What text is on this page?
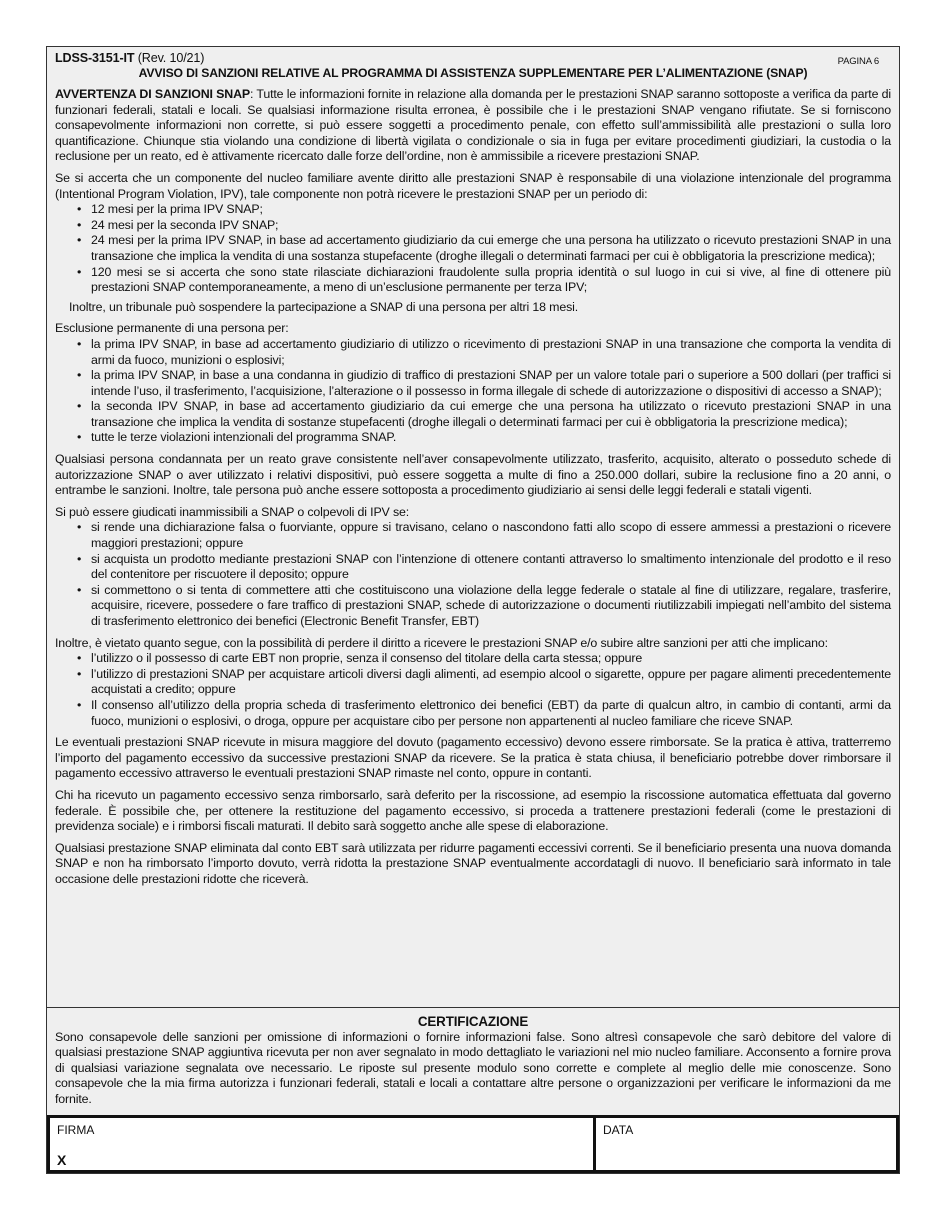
LDSS-3151-IT (Rev. 10/21)	PAGINA 6
AVVISO DI SANZIONI RELATIVE AL PROGRAMMA DI ASSISTENZA SUPPLEMENTARE PER L’ALIMENTAZIONE (SNAP)

AVVERTENZA DI SANZIONI SNAP: Tutte le informazioni fornite in relazione alla domanda per le prestazioni SNAP saranno sottoposte a verifica da parte di funzionari federali, statali e locali. Se qualsiasi informazione risulta erronea, è possibile che i le prestazioni SNAP vengano rifiutate. Se si forniscono consapevolmente informazioni non corrette, si può essere soggetti a procedimento penale, con effetto sull’ammissibilità alle prestazioni o sulla loro quantificazione. Chiunque stia violando una condizione di libertà vigilata o condizionale o sia in fuga per evitare procedimenti giudiziari, la custodia o la reclusione per un reato, ed è attivamente ricercato dalle forze dell’ordine, non è ammissibile a ricevere prestazioni SNAP.

Se si accerta che un componente del nucleo familiare avente diritto alle prestazioni SNAP è responsabile di una violazione intenzionale del programma (Intentional Program Violation, IPV), tale componente non potrà ricevere le prestazioni SNAP per un periodo di:

• 12 mesi per la prima IPV SNAP;
• 24 mesi per la seconda IPV SNAP;
• 24 mesi per la prima IPV SNAP, in base ad accertamento giudiziario da cui emerge che una persona ha utilizzato o ricevuto prestazioni SNAP in una transazione che implica la vendita di una sostanza stupefacente (droghe illegali o determinati farmaci per cui è obbligatoria la prescrizione medica);
• 120 mesi se si accerta che sono state rilasciate dichiarazioni fraudolente sulla propria identità o sul luogo in cui si vive, al fine di ottenere più prestazioni SNAP contemporaneamente, a meno di un’esclusione permanente per terza IPV;

Inoltre, un tribunale può sospendere la partecipazione a SNAP di una persona per altri 18 mesi.

Esclusione permanente di una persona per:

• la prima IPV SNAP, in base ad accertamento giudiziario di utilizzo o ricevimento di prestazioni SNAP in una transazione che comporta la vendita di armi da fuoco, munizioni o esplosivi;
• la prima IPV SNAP, in base a una condanna in giudizio di traffico di prestazioni SNAP per un valore totale pari o superiore a 500 dollari (per traffici si intende l’uso, il trasferimento, l’acquisizione, l’alterazione o il possesso in forma illegale di schede di autorizzazione o dispositivi di accesso a SNAP);
• la seconda IPV SNAP, in base ad accertamento giudiziario da cui emerge che una persona ha utilizzato o ricevuto prestazioni SNAP in una transazione che implica la vendita di sostanze stupefacenti (droghe illegali o determinati farmaci per cui è obbligatoria la prescrizione medica);
• tutte le terze violazioni intenzionali del programma SNAP.

Qualsiasi persona condannata per un reato grave consistente nell’aver consapevolmente utilizzato, trasferito, acquisito, alterato o posseduto schede di autorizzazione SNAP o aver utilizzato i relativi dispositivi, può essere soggetta a multe di fino a 250.000 dollari, subire la reclusione fino a 20 anni, o entrambe le sanzioni. Inoltre, tale persona può anche essere sottoposta a procedimento giudiziario ai sensi delle leggi federali e statali vigenti.

Si può essere giudicati inammissibili a SNAP o colpevoli di IPV se:

• si rende una dichiarazione falsa o fuorviante, oppure si travisano, celano o nascondono fatti allo scopo di essere ammessi a prestazioni o ricevere maggiori prestazioni; oppure
• si acquista un prodotto mediante prestazioni SNAP con l’intenzione di ottenere contanti attraverso lo smaltimento intenzionale del prodotto e il reso del contenitore per riscuotere il deposito; oppure
• si commettono o si tenta di commettere atti che costituiscono una violazione della legge federale o statale al fine di utilizzare, regalare, trasferire, acquisire, ricevere, possedere o fare traffico di prestazioni SNAP, schede di autorizzazione o documenti riutilizzabili impiegati nell’ambito del sistema di trasferimento elettronico dei benefici (Electronic Benefit Transfer, EBT)

Inoltre, è vietato quanto segue, con la possibilità di perdere il diritto a ricevere le prestazioni SNAP e/o subire altre sanzioni per atti che implicano:

• l’utilizzo o il possesso di carte EBT non proprie, senza il consenso del titolare della carta stessa; oppure
• l’utilizzo di prestazioni SNAP per acquistare articoli diversi dagli alimenti, ad esempio alcool o sigarette, oppure per pagare alimenti precedentemente acquistati a credito; oppure
• Il consenso all’utilizzo della propria scheda di trasferimento elettronico dei benefici (EBT) da parte di qualcun altro, in cambio di contanti, armi da fuoco, munizioni o esplosivi, o droga, oppure per acquistare cibo per persone non appartenenti al nucleo familiare che riceve SNAP.

Le eventuali prestazioni SNAP ricevute in misura maggiore del dovuto (pagamento eccessivo) devono essere rimborsate. Se la pratica è attiva, tratterremo l’importo del pagamento eccessivo da successive prestazioni SNAP da ricevere. Se la pratica è stata chiusa, il beneficiario potrebbe dover rimborsare il pagamento eccessivo attraverso le eventuali prestazioni SNAP rimaste nel conto, oppure in contanti.

Chi ha ricevuto un pagamento eccessivo senza rimborsarlo, sarà deferito per la riscossione, ad esempio la riscossione automatica effettuata dal governo federale. È possibile che, per ottenere la restituzione del pagamento eccessivo, si proceda a trattenere prestazioni federali (come le prestazioni di previdenza sociale) e i rimborsi fiscali maturati. Il debito sarà soggetto anche alle spese di elaborazione.

Qualsiasi prestazione SNAP eliminata dal conto EBT sarà utilizzata per ridurre pagamenti eccessivi correnti. Se il beneficiario presenta una nuova domanda SNAP e non ha rimborsato l’importo dovuto, verrà ridotta la prestazione SNAP eventualmente accordatagli di nuovo. Il beneficiario sarà informato in tale occasione delle prestazioni ridotte che riceverà.

CERTIFICAZIONE

Sono consapevole delle sanzioni per omissione di informazioni o fornire informazioni false. Sono altresì consapevole che sarò debitore del valore di qualsiasi prestazione SNAP aggiuntiva ricevuta per non aver segnalato in modo dettagliato le variazioni nel mio nucleo familiare. Acconsento a fornire prova di qualsiasi variazione segnalata ove necessario. Le riposte sul presente modulo sono corrette e complete al meglio delle mie conoscenze. Sono consapevole che la mia firma autorizza i funzionari federali, statali e locali a contattare altre persone o organizzazioni per verificare le informazioni da me fornite.

FIRMA
X
DATA
